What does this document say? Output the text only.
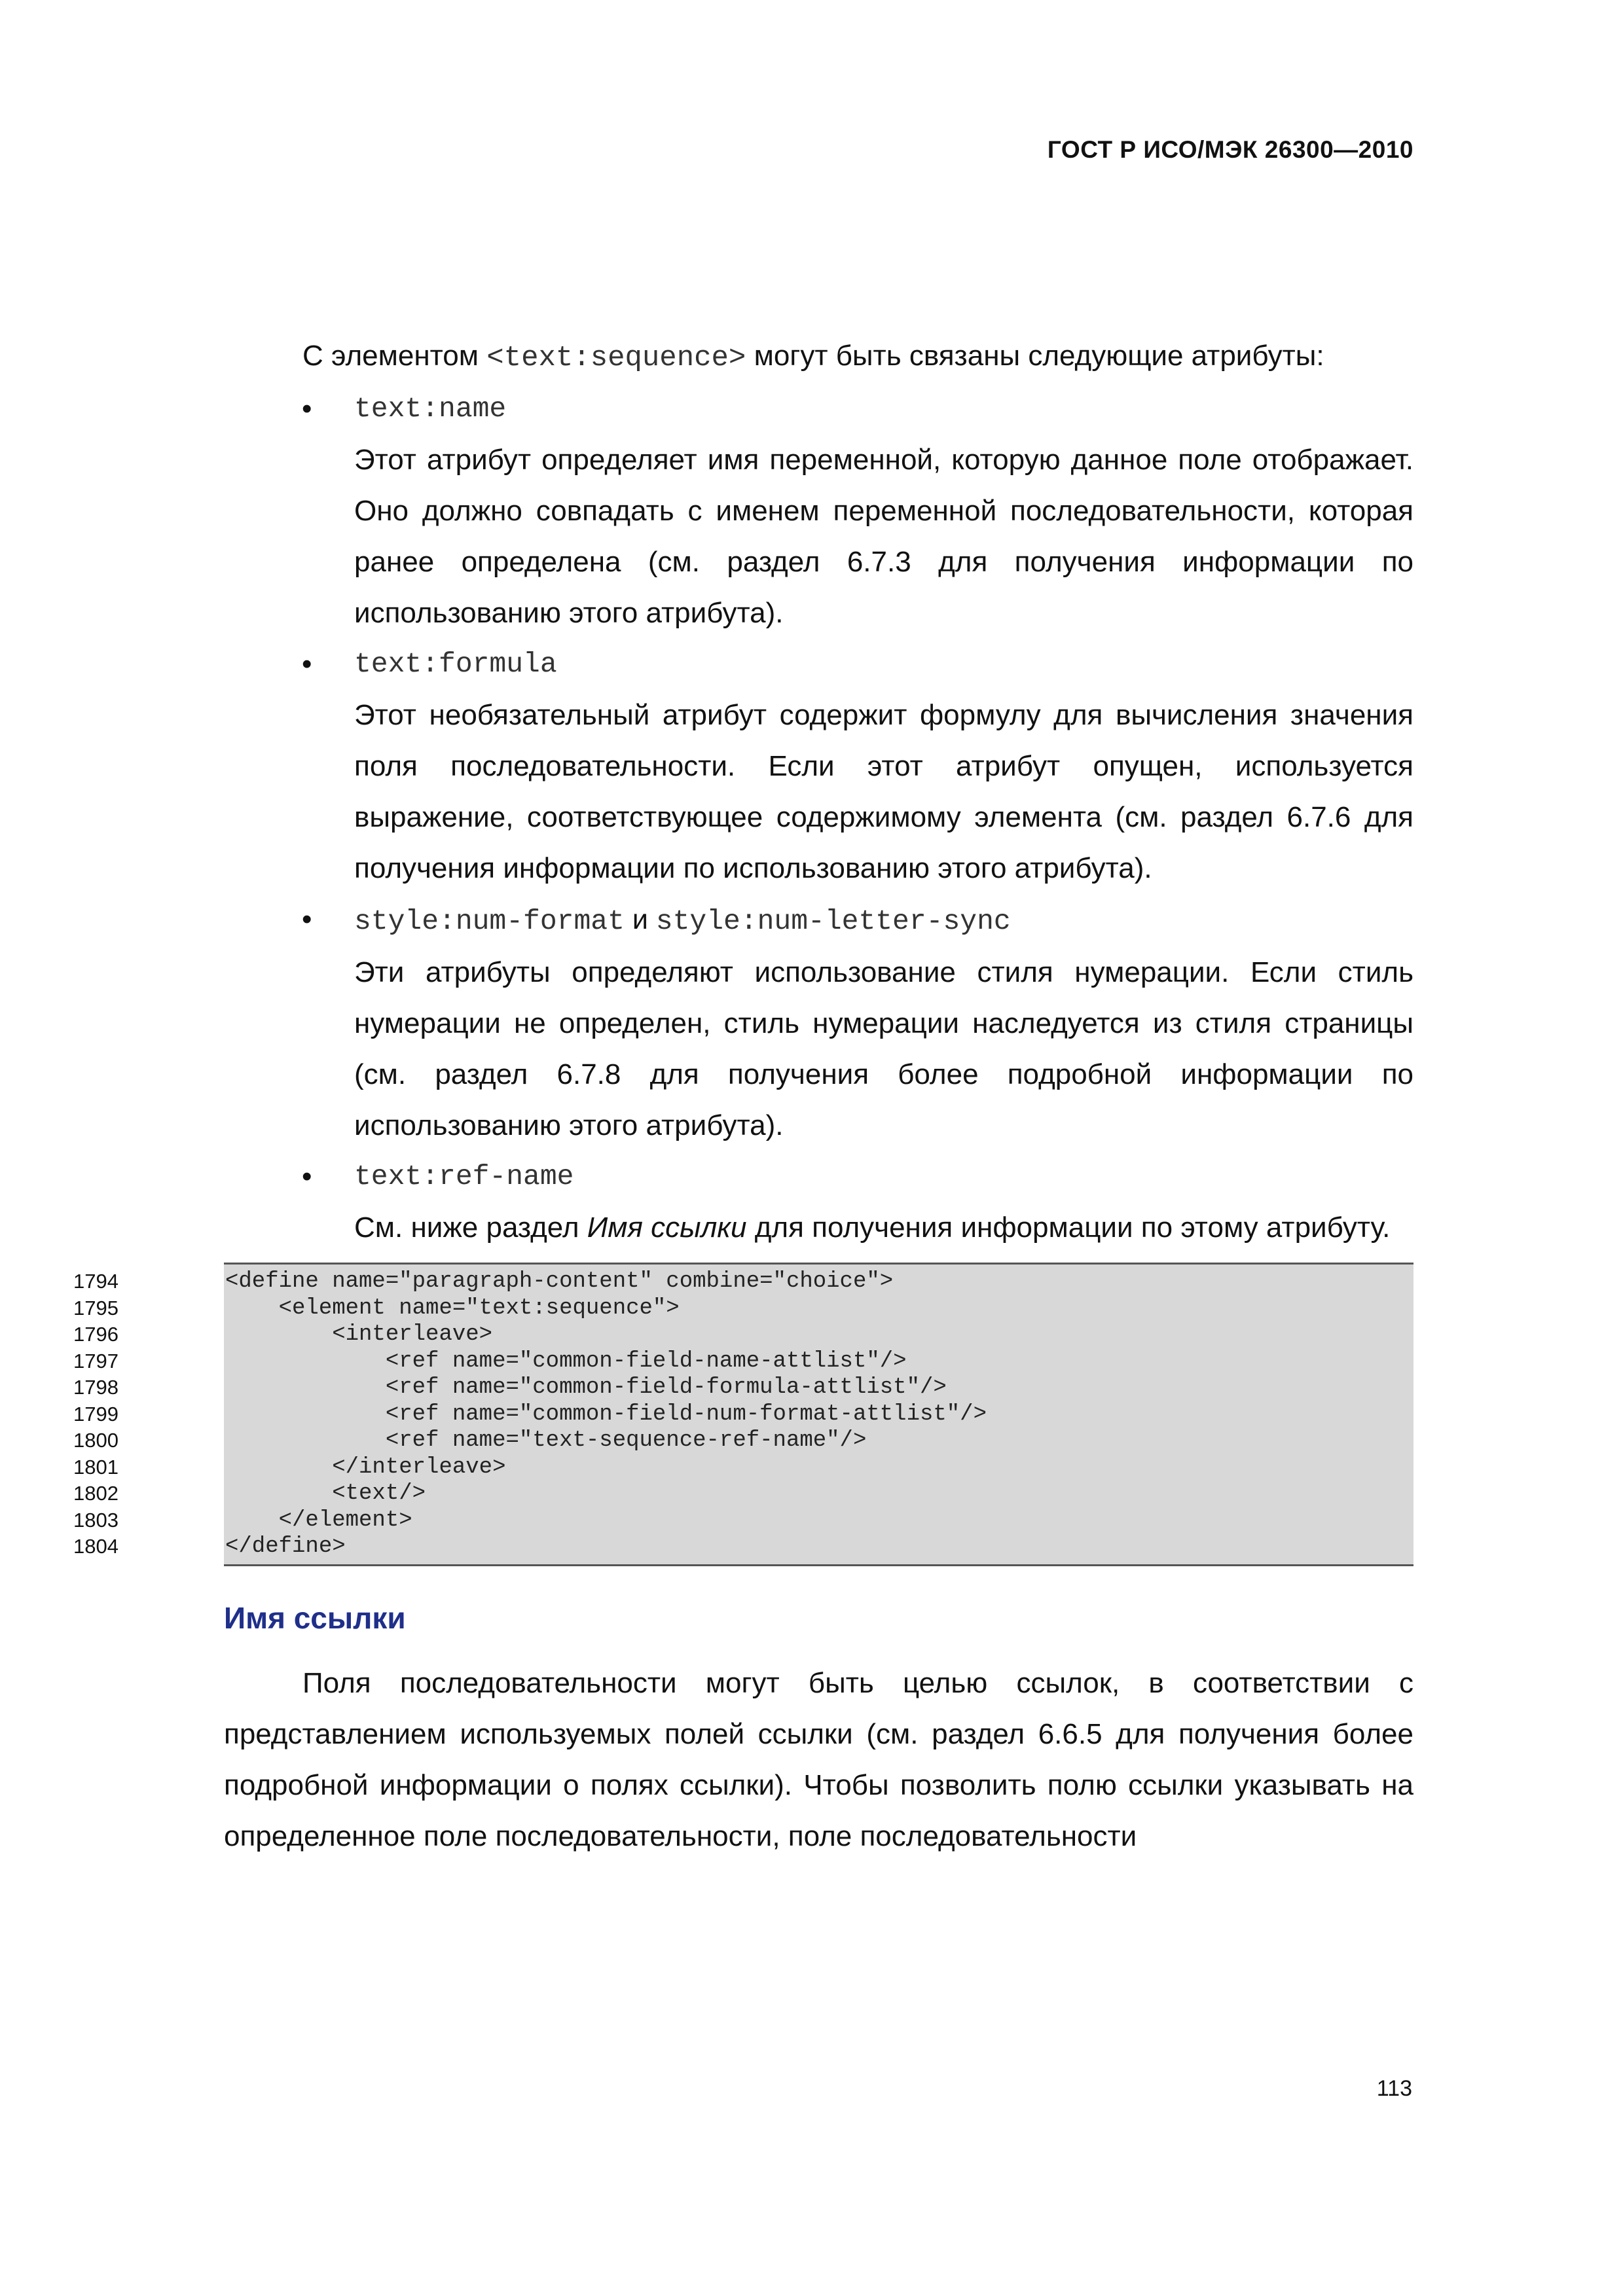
ГОСТ Р ИСО/МЭК 26300—2010
С элементом <text:sequence> могут быть связаны следующие атрибуты:
• text:name

Этот атрибут определяет имя переменной, которую данное поле отображает. Оно должно совпадать с именем переменной последовательности, которая ранее определена (см. раздел 6.7.3 для получения информации по использованию этого атрибута).

• text:formula

Этот необязательный атрибут содержит формулу для вычисления значения поля последовательности. Если этот атрибут опущен, используется выражение, соответствующее содержимому элемента (см. раздел 6.7.6 для получения информации по использованию этого атрибута).

• style:num-format и style:num-letter-sync

Эти атрибуты определяют использование стиля нумерации. Если стиль нумерации не определен, стиль нумерации наследуется из стиля страницы (см. раздел 6.7.8 для получения более подробной информации по использованию этого атрибута).

• text:ref-name

См. ниже раздел Имя ссылки для получения информации по этому атрибуту.

1794	<define name="paragraph-content" combine="choice">
1795	<element name="text:sequence">
1796	<interleave>
1797	<ref name="common-field-name-attlist"/>
1798	<ref name="common-field-formula-attlist"/>
1799	<ref name="common-field-num-format-attlist"/>
1800	<ref name="text-sequence-ref-name"/>
1801	</interleave>
1802	<text/>
1803	</element>
1804	</define>
Имя ссылки

Поля последовательности могут быть целью ссылок, в соответствии с представлением используемых полей ссылки (см. раздел 6.6.5 для получения более подробной информации о полях ссылки). Чтобы позволить полю ссылки указывать на определенное поле последовательности, поле последовательности

113
